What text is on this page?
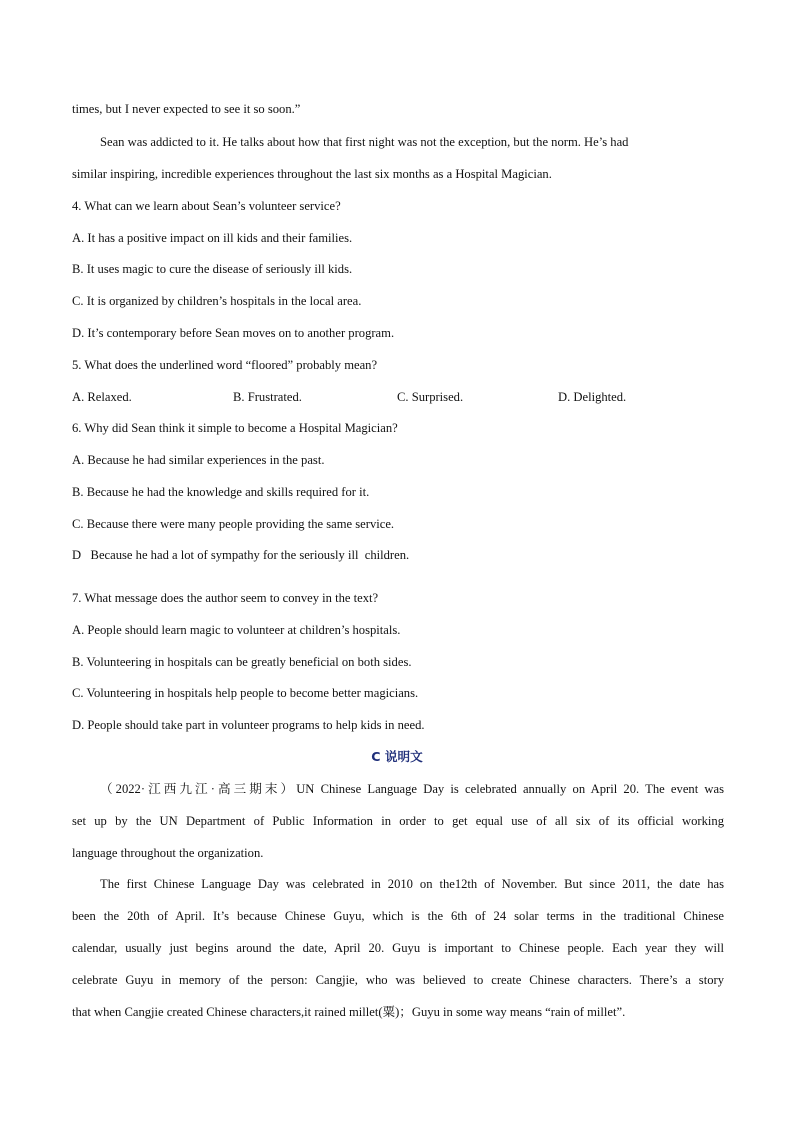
times, but I never expected to see it so soon.”
Sean was addicted to it. He talks about how that first night was not the exception, but the norm. He’s had
similar inspiring, incredible experiences throughout the last six months as a Hospital Magician.
4. What can we learn about Sean’s volunteer service?
A. It has a positive impact on ill kids and their families.
B. It uses magic to cure the disease of seriously ill kids.
C. It is organized by children’s hospitals in the local area.
D. It’s contemporary before Sean moves on to another program.
5. What does the underlined word “floored” probably mean?
A. Relaxed.	B. Frustrated.	C. Surprised.	D. Delighted.
6. Why did Sean think it simple to become a Hospital Magician?
A. Because he had similar experiences in the past.
B. Because he had the knowledge and skills required for it.
C. Because there were many people providing the same service.
D   Because he had a lot of sympathy for the seriously ill  children.
7. What message does the author seem to convey in the text?
A. People should learn magic to volunteer at children’s hospitals.
B. Volunteering in hospitals can be greatly beneficial on both sides.
C. Volunteering in hospitals help people to become better magicians.
D. People should take part in volunteer programs to help kids in need.
C 说明文
（2022·江西九江·高三期末）UN Chinese Language Day is celebrated annually on April 20. The event was
set up by the UN Department of Public Information in order to get equal use of all six of its official working
language throughout the organization.
The first Chinese Language Day was celebrated in 2010 on the12th of November. But since 2011, the date has
been the 20th of April. It’s because Chinese Guyu, which is the 6th of 24 solar terms in the traditional Chinese
calendar, usually just begins around the date, April 20. Guyu is important to Chinese people. Each year they will
celebrate Guyu in memory of the person: Cangjie, who was believed to create Chinese characters. There’s a story
that when Cangjie created Chinese characters,it rained millet(粟)；Guyu in some way means “rain of millet”.
